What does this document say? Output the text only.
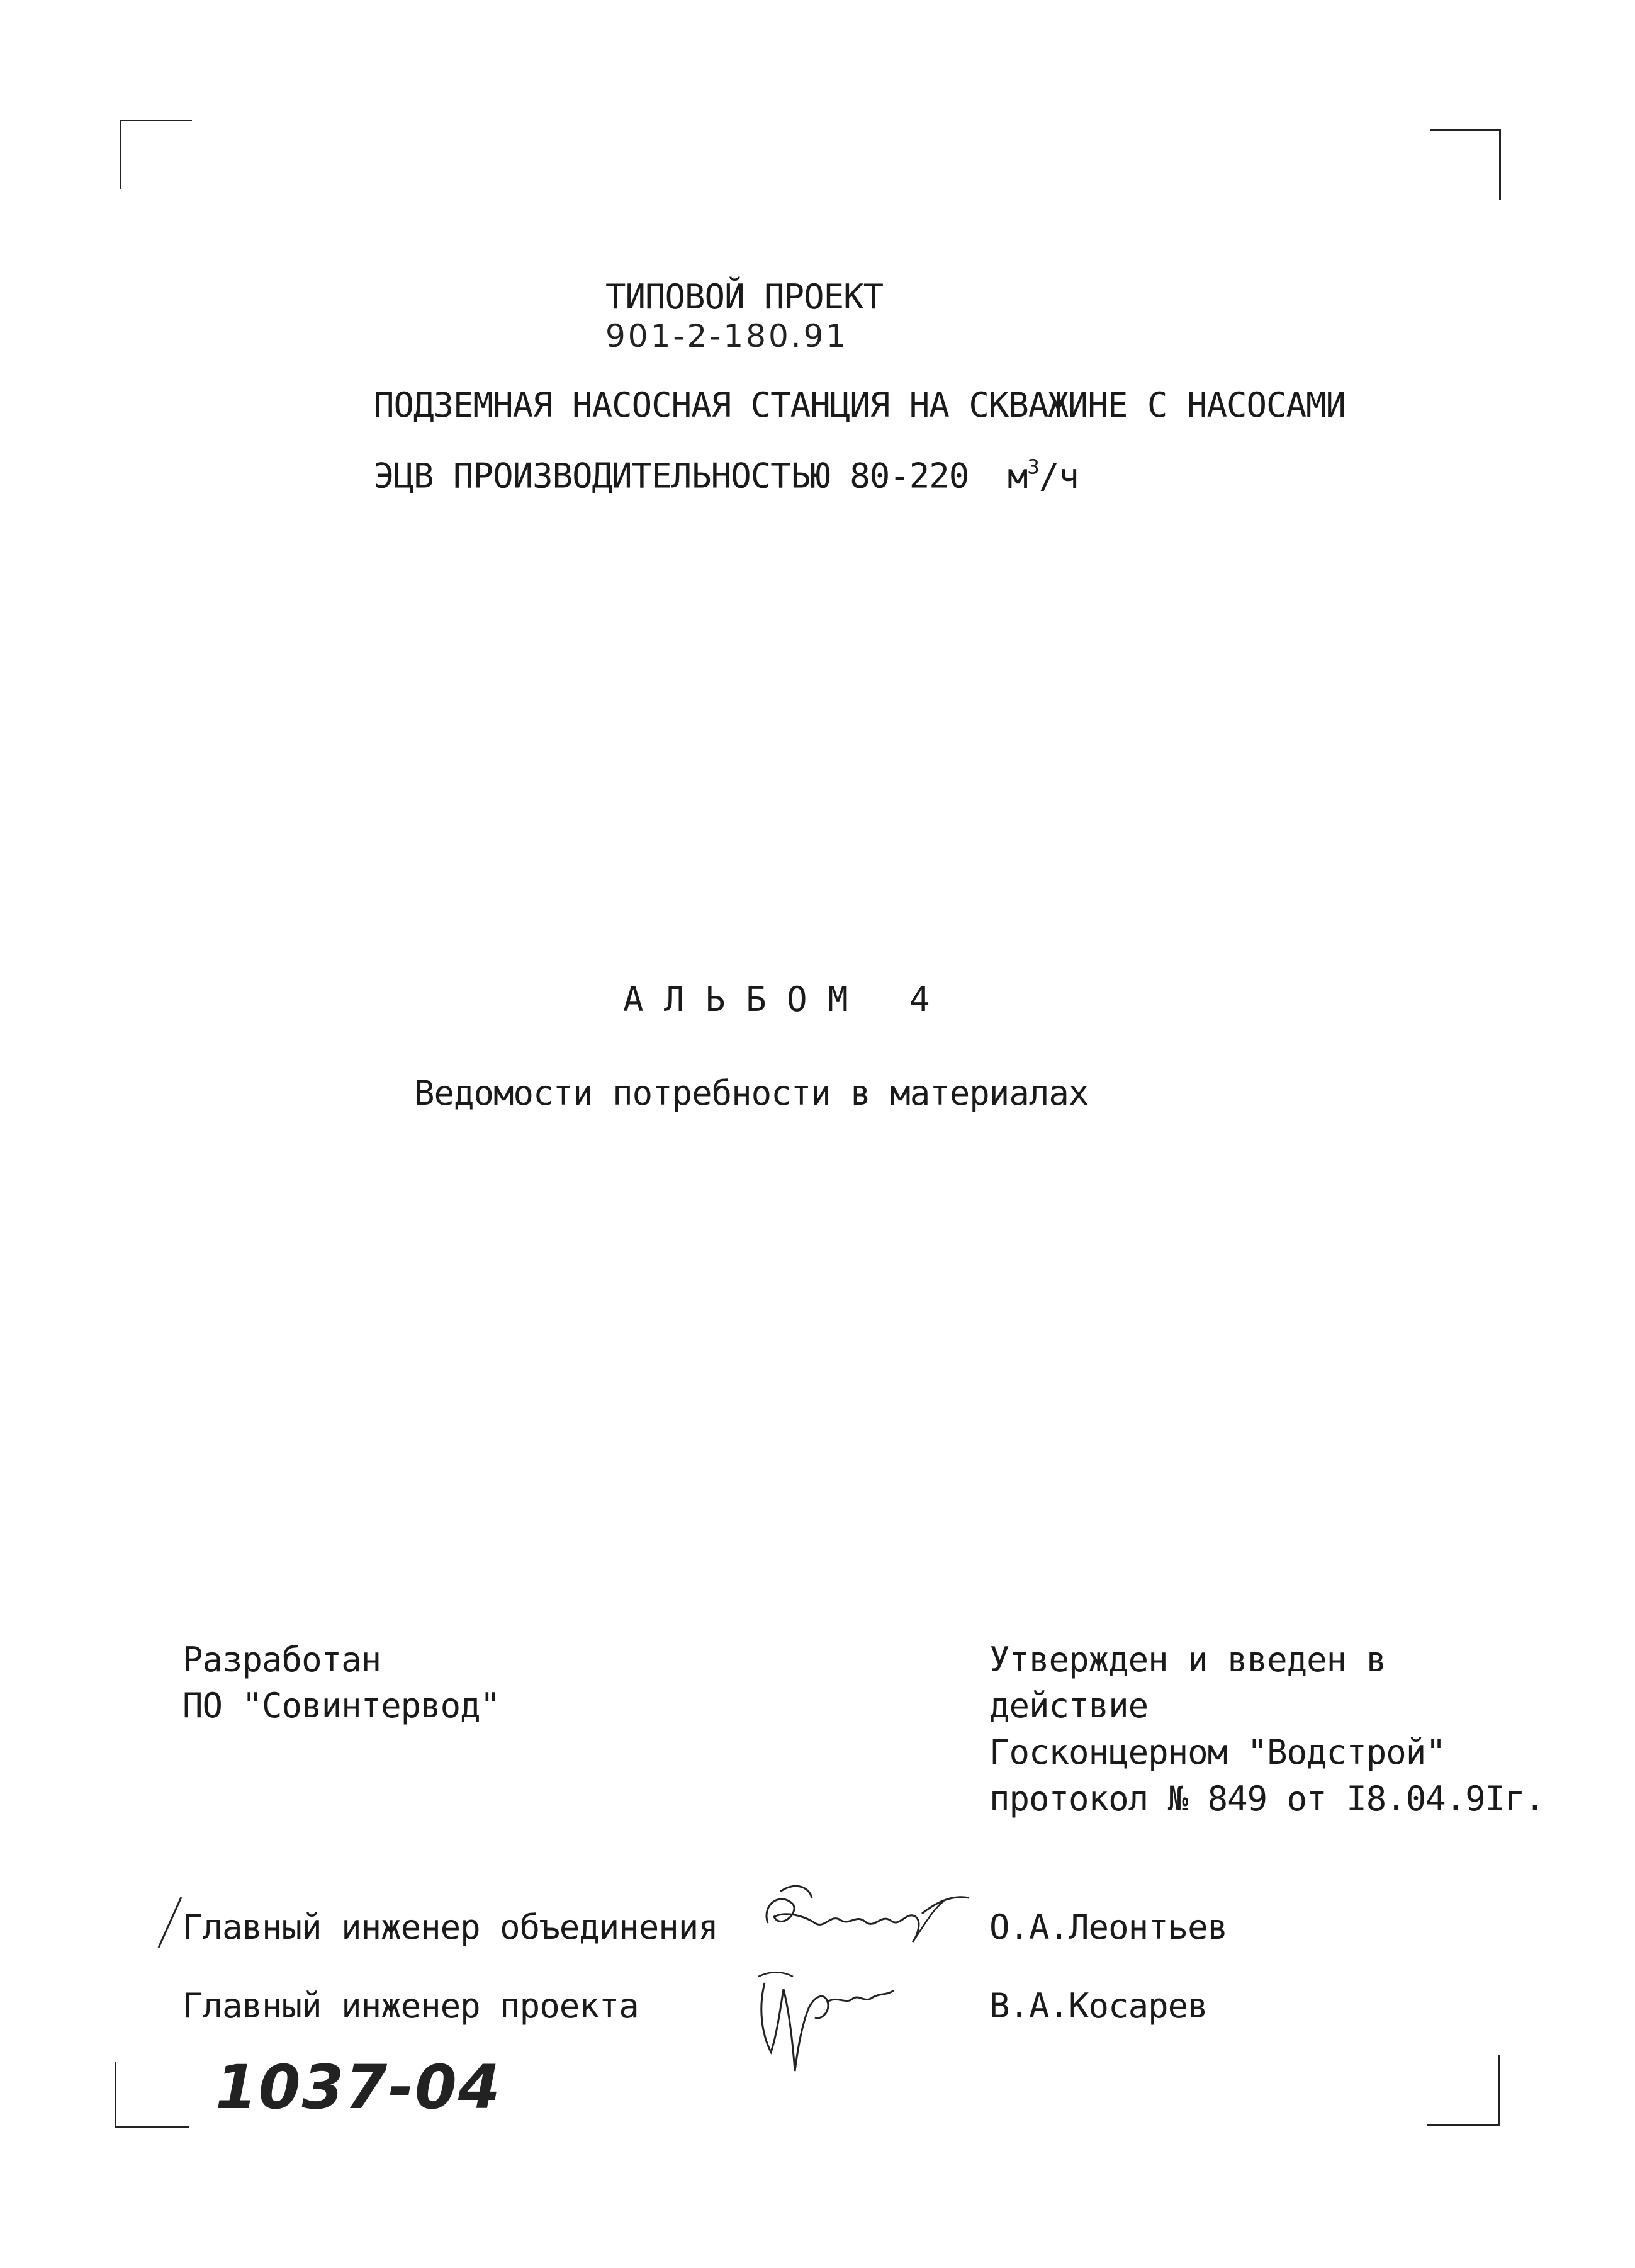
ТИПОВОЙ ПРОЕКТ
901-2-180.91
ПОДЗЕМНАЯ НАСОСНАЯ СТАНЦИЯ НА СКВАЖИНЕ С НАСОСАМИ
ЭЦВ ПРОИЗВОДИТЕЛЬНОСТЬЮ 80-220 $м^3/ч$
А Л Ь Б О М   4
Ведомости потребности в материалах
Разработан
ПО "Совинтервод"
Утвержден и введен в
действие
Госконцерном "Водстрой"
протокол № 849 от I8.04.9Iг.
Главный инженер объединения	О.А.Леонтьев
Главный инженер проекта	В.А.Косарев
1037-04
